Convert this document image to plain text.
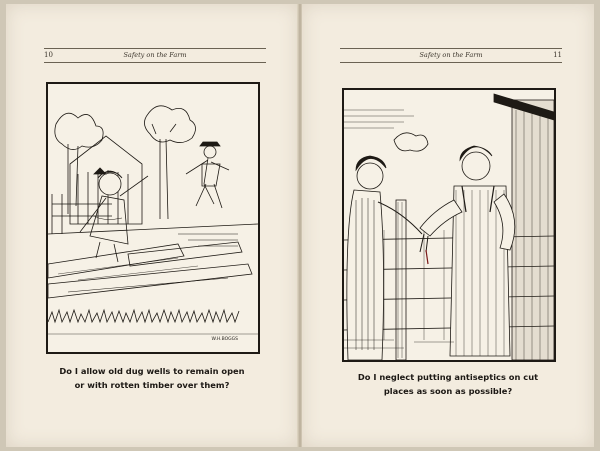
10	Safety on the Farm
W.H.BOGGS
Do I allow old dug wells to remain open
or with rotten timber over them?
Safety on the Farm	11
Do I neglect putting antiseptics on cut
places as soon as possible?
